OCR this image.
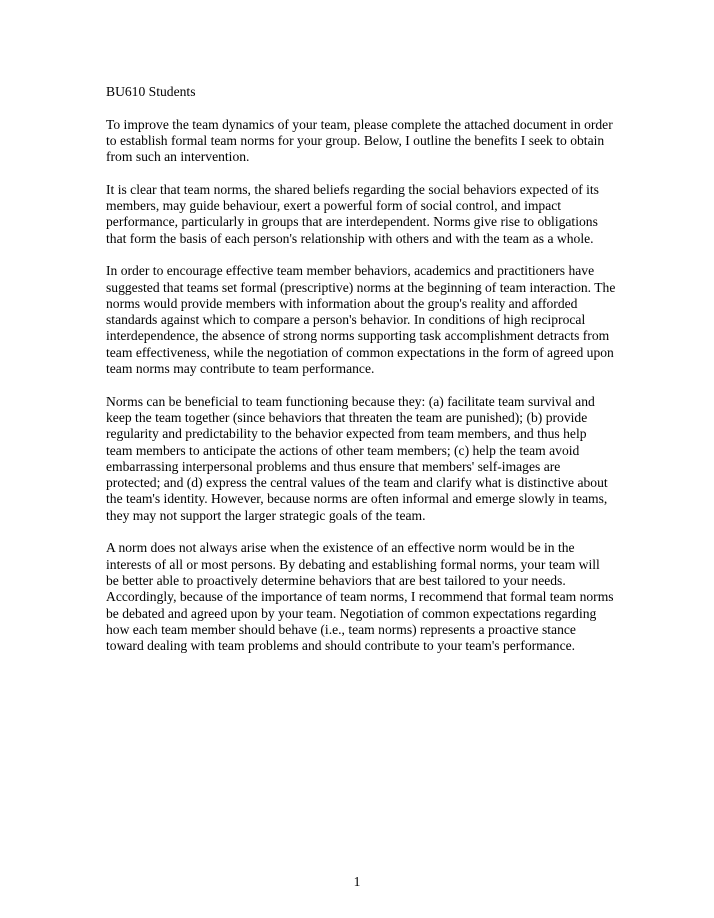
BU610 Students

To improve the team dynamics of your team, please complete the attached document in order to establish formal team norms for your group. Below, I outline the benefits I seek to obtain from such an intervention.

It is clear that team norms, the shared beliefs regarding the social behaviors expected of its members, may guide behaviour, exert a powerful form of social control, and impact performance, particularly in groups that are interdependent. Norms give rise to obligations that form the basis of each person's relationship with others and with the team as a whole.

In order to encourage effective team member behaviors, academics and practitioners have suggested that teams set formal (prescriptive) norms at the beginning of team interaction. The norms would provide members with information about the group's reality and afforded standards against which to compare a person's behavior. In conditions of high reciprocal interdependence, the absence of strong norms supporting task accomplishment detracts from team effectiveness, while the negotiation of common expectations in the form of agreed upon team norms may contribute to team performance.

Norms can be beneficial to team functioning because they: (a) facilitate team survival and keep the team together (since behaviors that threaten the team are punished); (b) provide regularity and predictability to the behavior expected from team members, and thus help team members to anticipate the actions of other team members; (c) help the team avoid embarrassing interpersonal problems and thus ensure that members' self-images are protected; and (d) express the central values of the team and clarify what is distinctive about the team's identity. However, because norms are often informal and emerge slowly in teams, they may not support the larger strategic goals of the team.

A norm does not always arise when the existence of an effective norm would be in the interests of all or most persons. By debating and establishing formal norms, your team will be better able to proactively determine behaviors that are best tailored to your needs. Accordingly, because of the importance of team norms, I recommend that formal team norms be debated and agreed upon by your team. Negotiation of common expectations regarding how each team member should behave (i.e., team norms) represents a proactive stance toward dealing with team problems and should contribute to your team's performance.

1
